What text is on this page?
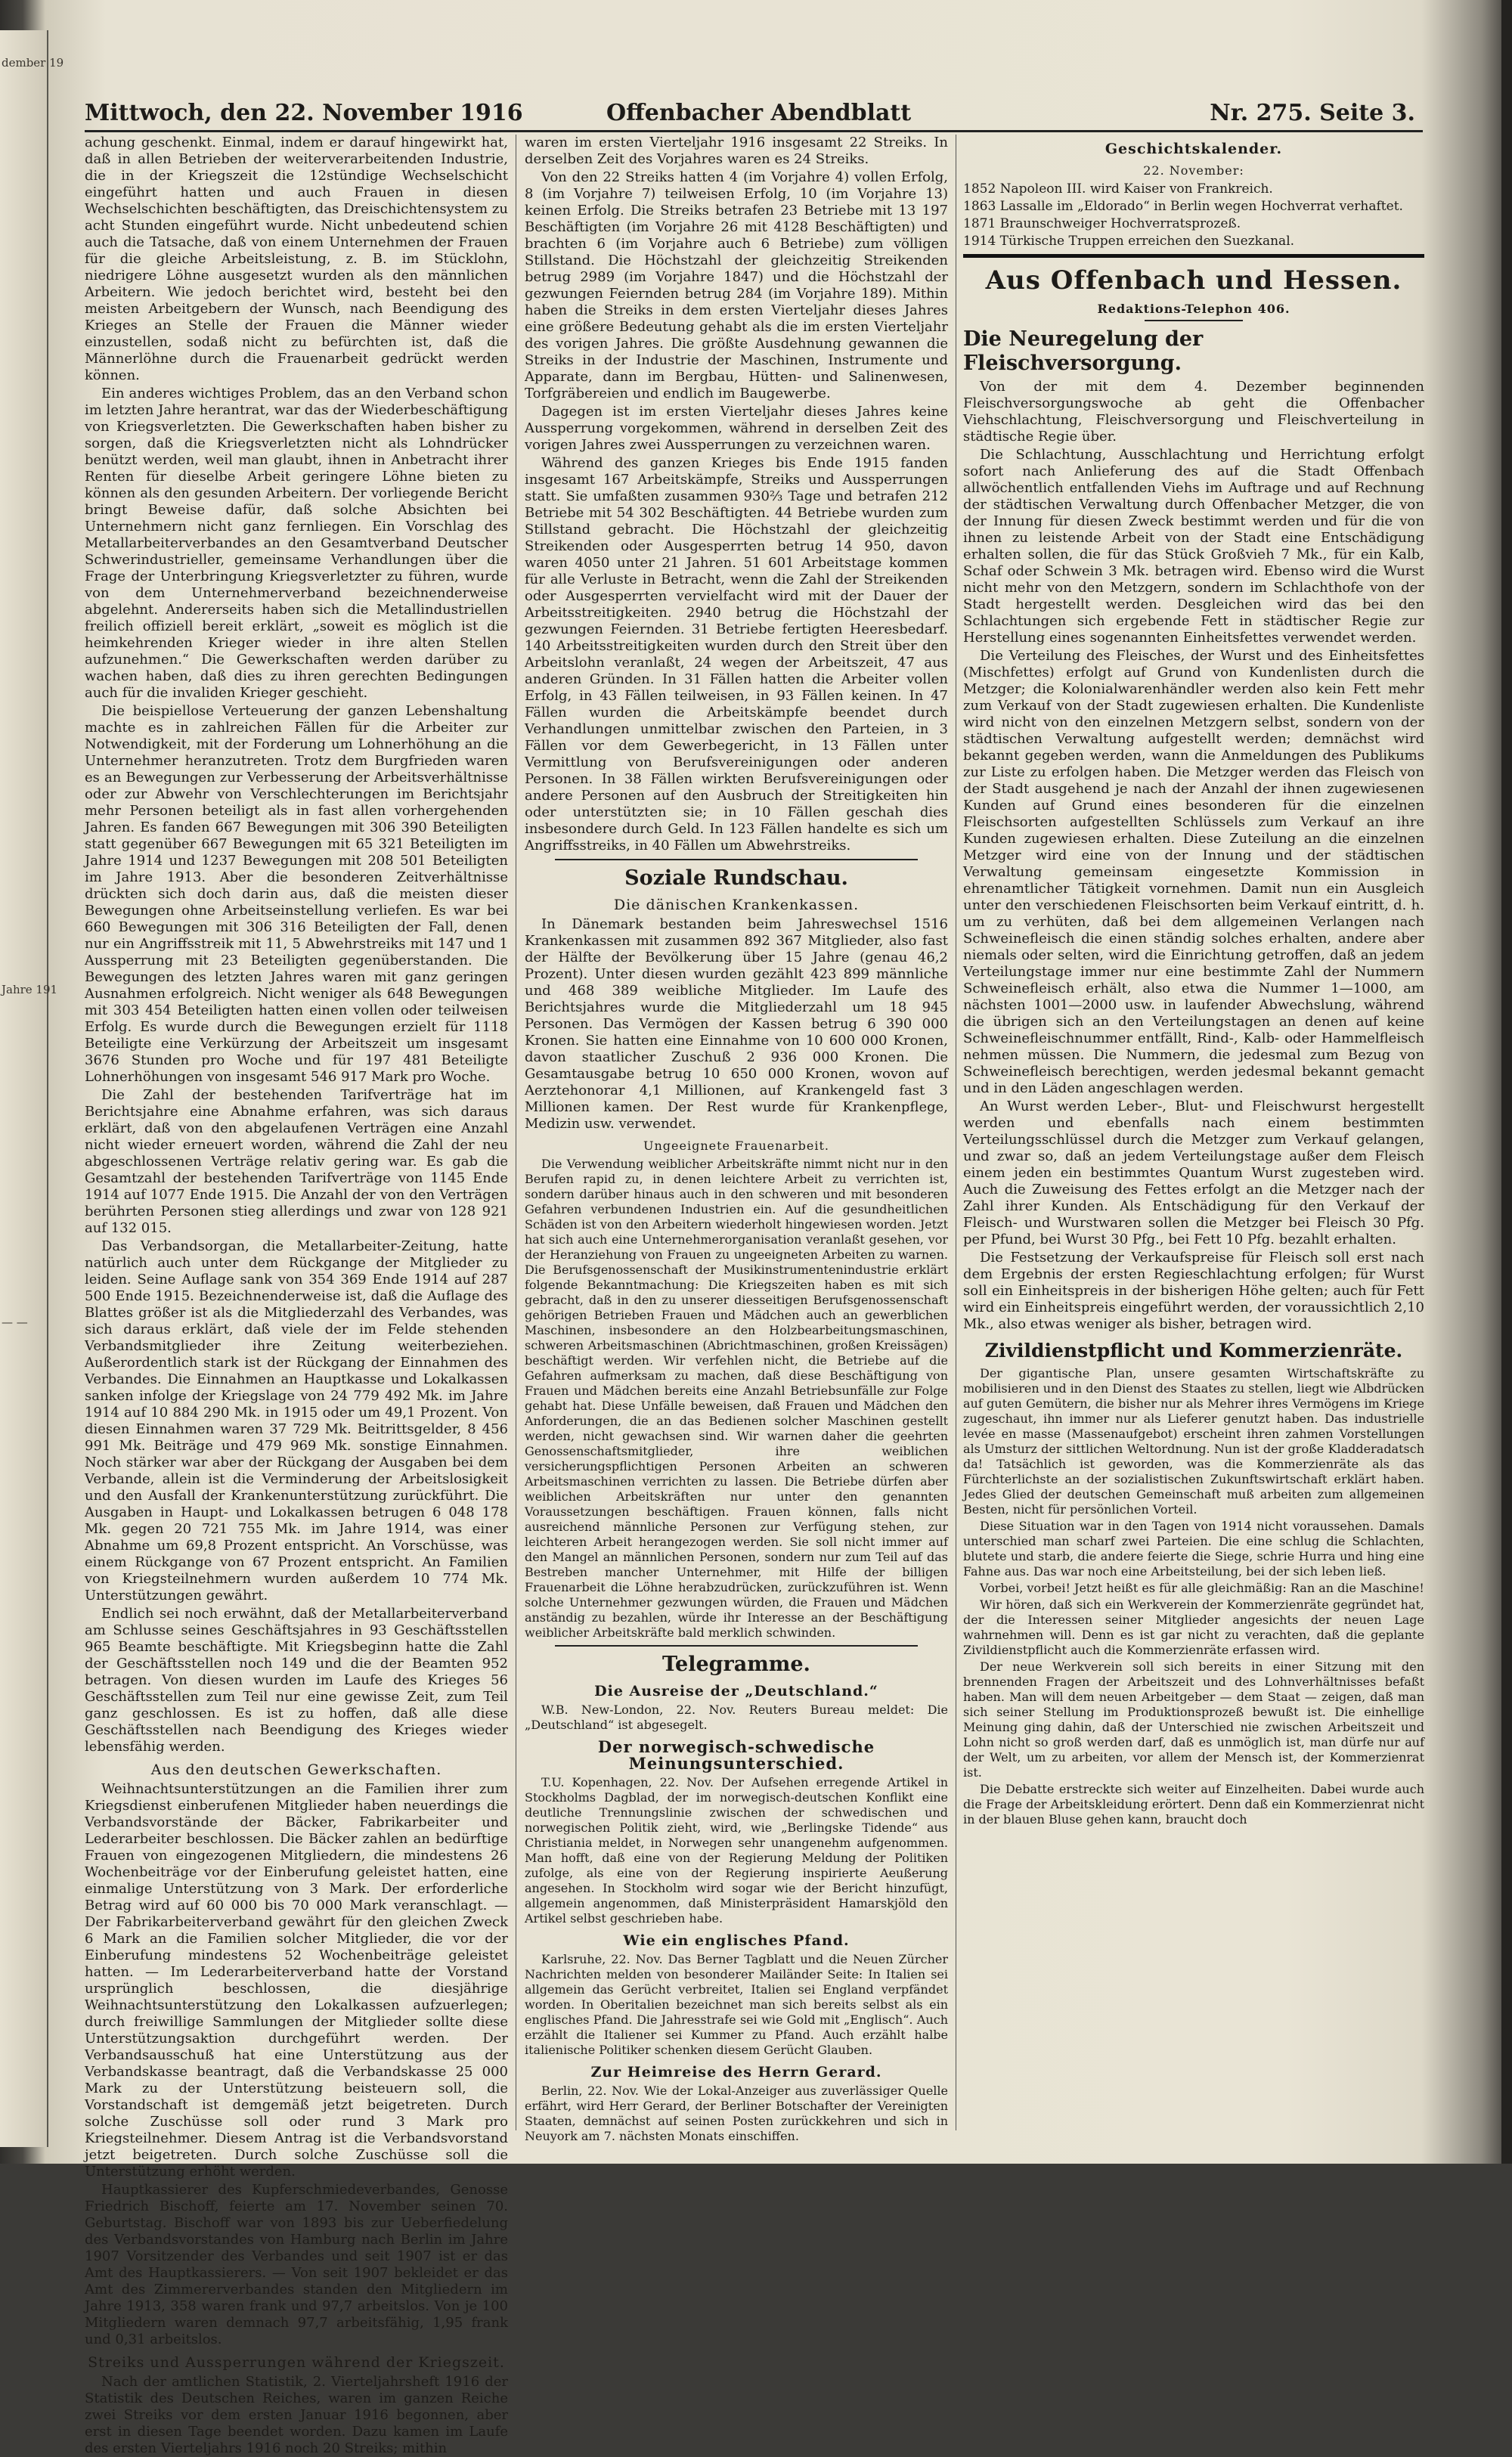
dember 19
Jahre 191
— —
Mittwoch, den 22. November 1916	Offenbacher Abendblatt	Nr. 275. Seite 3.

achung geschenkt. Einmal, indem er darauf hingewirkt hat, daß in allen Betrieben der weiterverarbeitenden Industrie, die in der Kriegszeit die 12stündige Wechselschicht eingeführt hatten und auch Frauen in diesen Wechselschichten beschäftigten, das Dreischichtensystem zu acht Stunden eingeführt wurde. Nicht unbedeutend schien auch die Tatsache, daß von einem Unternehmen der Frauen für die gleiche Arbeitsleistung, z. B. im Stücklohn, niedrigere Löhne ausgesetzt wurden als den männlichen Arbeitern. Wie jedoch berichtet wird, besteht bei den meisten Arbeitgebern der Wunsch, nach Beendigung des Krieges an Stelle der Frauen die Männer wieder einzustellen, sodaß nicht zu befürchten ist, daß die Männerlöhne durch die Frauenarbeit gedrückt werden können.

Ein anderes wichtiges Problem, das an den Verband schon im letzten Jahre herantrat, war das der Wiederbeschäftigung von Kriegsverletzten. Die Gewerkschaften haben bisher zu sorgen, daß die Kriegsverletzten nicht als Lohndrücker benützt werden, weil man glaubt, ihnen in Anbetracht ihrer Renten für dieselbe Arbeit geringere Löhne bieten zu können als den gesunden Arbeitern. Der vorliegende Bericht bringt Beweise dafür, daß solche Absichten bei Unternehmern nicht ganz fernliegen. Ein Vorschlag des Metallarbeiterverbandes an den Gesamtverband Deutscher Schwerindustrieller, gemeinsame Verhandlungen über die Frage der Unterbringung Kriegsverletzter zu führen, wurde von dem Unternehmerverband bezeichnenderweise abgelehnt. Andererseits haben sich die Metallindustriellen freilich offiziell bereit erklärt, „soweit es möglich ist die heimkehrenden Krieger wieder in ihre alten Stellen aufzunehmen.“ Die Gewerkschaften werden darüber zu wachen haben, daß dies zu ihren gerechten Bedingungen auch für die invaliden Krieger geschieht.

Die beispiellose Verteuerung der ganzen Lebenshaltung machte es in zahlreichen Fällen für die Arbeiter zur Notwendigkeit, mit der Forderung um Lohnerhöhung an die Unternehmer heranzutreten. Trotz dem Burgfrieden waren es an Bewegungen zur Verbesserung der Arbeitsverhältnisse oder zur Abwehr von Verschlechterungen im Berichtsjahr mehr Personen beteiligt als in fast allen vorhergehenden Jahren. Es fanden 667 Bewegungen mit 306 390 Beteiligten statt gegenüber 667 Bewegungen mit 65 321 Beteiligten im Jahre 1914 und 1237 Bewegungen mit 208 501 Beteiligten im Jahre 1913. Aber die besonderen Zeitverhältnisse drückten sich doch darin aus, daß die meisten dieser Bewegungen ohne Arbeitseinstellung verliefen. Es war bei 660 Bewegungen mit 306 316 Beteiligten der Fall, denen nur ein Angriffsstreik mit 11, 5 Abwehrstreiks mit 147 und 1 Aussperrung mit 23 Beteiligten gegenüberstanden. Die Bewegungen des letzten Jahres waren mit ganz geringen Ausnahmen erfolgreich. Nicht weniger als 648 Bewegungen mit 303 454 Beteiligten hatten einen vollen oder teilweisen Erfolg. Es wurde durch die Bewegungen erzielt für 1118 Beteiligte eine Verkürzung der Arbeitszeit um insgesamt 3676 Stunden pro Woche und für 197 481 Beteiligte Lohnerhöhungen von insgesamt 546 917 Mark pro Woche.

Die Zahl der bestehenden Tarifverträge hat im Berichtsjahre eine Abnahme erfahren, was sich daraus erklärt, daß von den abgelaufenen Verträgen eine Anzahl nicht wieder erneuert worden, während die Zahl der neu abgeschlossenen Verträge relativ gering war. Es gab die Gesamtzahl der bestehenden Tarifverträge von 1145 Ende 1914 auf 1077 Ende 1915. Die Anzahl der von den Verträgen berührten Personen stieg allerdings und zwar von 128 921 auf 132 015.

Das Verbandsorgan, die Metallarbeiter-Zeitung, hatte natürlich auch unter dem Rückgange der Mitglieder zu leiden. Seine Auflage sank von 354 369 Ende 1914 auf 287 500 Ende 1915. Bezeichnenderweise ist, daß die Auflage des Blattes größer ist als die Mitgliederzahl des Verbandes, was sich daraus erklärt, daß viele der im Felde stehenden Verbandsmitglieder ihre Zeitung weiterbeziehen. Außerordentlich stark ist der Rückgang der Einnahmen des Verbandes. Die Einnahmen an Hauptkasse und Lokalkassen sanken infolge der Kriegslage von 24 779 492 Mk. im Jahre 1914 auf 10 884 290 Mk. in 1915 oder um 49,1 Prozent. Von diesen Einnahmen waren 37 729 Mk. Beitrittsgelder, 8 456 991 Mk. Beiträge und 479 969 Mk. sonstige Einnahmen. Noch stärker war aber der Rückgang der Ausgaben bei dem Verbande, allein ist die Verminderung der Arbeitslosigkeit und den Ausfall der Krankenunterstützung zurückführt. Die Ausgaben in Haupt- und Lokalkassen betrugen 6 048 178 Mk. gegen 20 721 755 Mk. im Jahre 1914, was einer Abnahme um 69,8 Prozent entspricht. An Vorschüsse, was einem Rückgange von 67 Prozent entspricht. An Familien von Kriegsteilnehmern wurden außerdem 10 774 Mk. Unterstützungen gewährt.

Endlich sei noch erwähnt, daß der Metallarbeiterverband am Schlusse seines Geschäftsjahres in 93 Geschäftsstellen 965 Beamte beschäftigte. Mit Kriegsbeginn hatte die Zahl der Geschäftsstellen noch 149 und die der Beamten 952 betragen. Von diesen wurden im Laufe des Krieges 56 Geschäftsstellen zum Teil nur eine gewisse Zeit, zum Teil ganz geschlossen. Es ist zu hoffen, daß alle diese Geschäftsstellen nach Beendigung des Krieges wieder lebensfähig werden.

Aus den deutschen Gewerkschaften.

Weihnachtsunterstützungen an die Familien ihrer zum Kriegsdienst einberufenen Mitglieder haben neuerdings die Verbandsvorstände der Bäcker, Fabrikarbeiter und Lederarbeiter beschlossen. Die Bäcker zahlen an bedürftige Frauen von eingezogenen Mitgliedern, die mindestens 26 Wochenbeiträge vor der Einberufung geleistet hatten, eine einmalige Unterstützung von 3 Mark. Der erforderliche Betrag wird auf 60 000 bis 70 000 Mark veranschlagt. — Der Fabrikarbeiterverband gewährt für den gleichen Zweck 6 Mark an die Familien solcher Mitglieder, die vor der Einberufung mindestens 52 Wochenbeiträge geleistet hatten. — Im Lederarbeiterverband hatte der Vorstand ursprünglich beschlossen, die diesjährige Weihnachtsunterstützung den Lokalkassen aufzuerlegen; durch freiwillige Sammlungen der Mitglieder sollte diese Unterstützungsaktion durchgeführt werden. Der Verbandsausschuß hat eine Unterstützung aus der Verbandskasse beantragt, daß die Verbandskasse 25 000 Mark zu der Unterstützung beisteuern soll, die Vorstandschaft ist demgemäß jetzt beigetreten. Durch solche Zuschüsse soll oder rund 3 Mark pro Kriegsteilnehmer. Diesem Antrag ist die Verbandsvorstand jetzt beigetreten. Durch solche Zuschüsse soll die Unterstützung erhöht werden.

Hauptkassierer des Kupferschmiedeverbandes, Genosse Friedrich Bischoff, feierte am 17. November seinen 70. Geburtstag. Bischoff war von 1893 bis zur Ueberfiedelung des Verbandsvorstandes von Hamburg nach Berlin im Jahre 1907 Vorsitzender des Verbandes und seit 1907 ist er das Amt des Hauptkassierers. — Von seit 1907 bekleidet er das Amt des Zimmererverbandes standen den Mitgliedern im Jahre 1913, 358 waren frank und 97,7 arbeitslos. Von je 100 Mitgliedern waren demnach 97,7 arbeitsfähig, 1,95 frank und 0,31 arbeitslos.

Streiks und Aussperrungen während der Kriegszeit.

Nach der amtlichen Statistik, 2. Vierteljahrsheft 1916 der Statistik des Deutschen Reiches, waren im ganzen Reiche zwei Streiks vor dem ersten Januar 1916 begonnen, aber erst in diesen Tage beendet worden. Dazu kamen im Laufe des ersten Vierteljahrs 1916 noch 20 Streiks; mithin

waren im ersten Vierteljahr 1916 insgesamt 22 Streiks. In derselben Zeit des Vorjahres waren es 24 Streiks.

Von den 22 Streiks hatten 4 (im Vorjahre 4) vollen Erfolg, 8 (im Vorjahre 7) teilweisen Erfolg, 10 (im Vorjahre 13) keinen Erfolg. Die Streiks betrafen 23 Betriebe mit 13 197 Beschäftigten (im Vorjahre 26 mit 4128 Beschäftigten) und brachten 6 (im Vorjahre auch 6 Betriebe) zum völligen Stillstand. Die Höchstzahl der gleichzeitig Streikenden betrug 2989 (im Vorjahre 1847) und die Höchstzahl der gezwungen Feiernden betrug 284 (im Vorjahre 189). Mithin haben die Streiks in dem ersten Vierteljahr dieses Jahres eine größere Bedeutung gehabt als die im ersten Vierteljahr des vorigen Jahres. Die größte Ausdehnung gewannen die Streiks in der Industrie der Maschinen, Instrumente und Apparate, dann im Bergbau, Hütten- und Salinenwesen, Torfgräbereien und endlich im Baugewerbe.

Dagegen ist im ersten Vierteljahr dieses Jahres keine Aussperrung vorgekommen, während in derselben Zeit des vorigen Jahres zwei Aussperrungen zu verzeichnen waren.

Während des ganzen Krieges bis Ende 1915 fanden insgesamt 167 Arbeitskämpfe, Streiks und Aussperrungen statt. Sie umfaßten zusammen 930⅔ Tage und betrafen 212 Betriebe mit 54 302 Beschäftigten. 44 Betriebe wurden zum Stillstand gebracht. Die Höchstzahl der gleichzeitig Streikenden oder Ausgesperrten betrug 14 950, davon waren 4050 unter 21 Jahren. 51 601 Arbeitstage kommen für alle Verluste in Betracht, wenn die Zahl der Streikenden oder Ausgesperrten vervielfacht wird mit der Dauer der Arbeitsstreitigkeiten. 2940 betrug die Höchstzahl der gezwungen Feiernden. 31 Betriebe fertigten Heeresbedarf. 140 Arbeitsstreitigkeiten wurden durch den Streit über den Arbeitslohn veranlaßt, 24 wegen der Arbeitszeit, 47 aus anderen Gründen. In 31 Fällen hatten die Arbeiter vollen Erfolg, in 43 Fällen teilweisen, in 93 Fällen keinen. In 47 Fällen wurden die Arbeitskämpfe beendet durch Verhandlungen unmittelbar zwischen den Parteien, in 3 Fällen vor dem Gewerbegericht, in 13 Fällen unter Vermittlung von Berufsvereinigungen oder anderen Personen. In 38 Fällen wirkten Berufsvereinigungen oder andere Personen auf den Ausbruch der Streitigkeiten hin oder unterstützten sie; in 10 Fällen geschah dies insbesondere durch Geld. In 123 Fällen handelte es sich um Angriffsstreiks, in 40 Fällen um Abwehrstreiks.

Soziale Rundschau.
Die dänischen Krankenkassen.

In Dänemark bestanden beim Jahreswechsel 1516 Krankenkassen mit zusammen 892 367 Mitglieder, also fast der Hälfte der Bevölkerung über 15 Jahre (genau 46,2 Prozent). Unter diesen wurden gezählt 423 899 männliche und 468 389 weibliche Mitglieder. Im Laufe des Berichtsjahres wurde die Mitgliederzahl um 18 945 Personen. Das Vermögen der Kassen betrug 6 390 000 Kronen. Sie hatten eine Einnahme von 10 600 000 Kronen, davon staatlicher Zuschuß 2 936 000 Kronen. Die Gesamtausgabe betrug 10 650 000 Kronen, wovon auf Aerztehonorar 4,1 Millionen, auf Krankengeld fast 3 Millionen kamen. Der Rest wurde für Krankenpflege, Medizin usw. verwendet.

Ungeeignete Frauenarbeit.

Die Verwendung weiblicher Arbeitskräfte nimmt nicht nur in den Berufen rapid zu, in denen leichtere Arbeit zu verrichten ist, sondern darüber hinaus auch in den schweren und mit besonderen Gefahren verbundenen Industrien ein. Auf die gesundheitlichen Schäden ist von den Arbeitern wiederholt hingewiesen worden. Jetzt hat sich auch eine Unternehmerorganisation veranlaßt gesehen, vor der Heranziehung von Frauen zu ungeeigneten Arbeiten zu warnen. Die Berufsgenossenschaft der Musikinstrumentenindustrie erklärt folgende Bekanntmachung: Die Kriegszeiten haben es mit sich gebracht, daß in den zu unserer diesseitigen Berufsgenossenschaft gehörigen Betrieben Frauen und Mädchen auch an gewerblichen Maschinen, insbesondere an den Holzbearbeitungsmaschinen, schweren Arbeitsmaschinen (Abrichtmaschinen, großen Kreissägen) beschäftigt werden. Wir verfehlen nicht, die Betriebe auf die Gefahren aufmerksam zu machen, daß diese Beschäftigung von Frauen und Mädchen bereits eine Anzahl Betriebsunfälle zur Folge gehabt hat. Diese Unfälle beweisen, daß Frauen und Mädchen den Anforderungen, die an das Bedienen solcher Maschinen gestellt werden, nicht gewachsen sind. Wir warnen daher die geehrten Genossenschaftsmitglieder, ihre weiblichen versicherungspflichtigen Personen Arbeiten an schweren Arbeitsmaschinen verrichten zu lassen. Die Betriebe dürfen aber weiblichen Arbeitskräften nur unter den genannten Voraussetzungen beschäftigen. Frauen können, falls nicht ausreichend männliche Personen zur Verfügung stehen, zur leichteren Arbeit herangezogen werden. Sie soll nicht immer auf den Mangel an männlichen Personen, sondern nur zum Teil auf das Bestreben mancher Unternehmer, mit Hilfe der billigen Frauenarbeit die Löhne herabzudrücken, zurückzuführen ist. Wenn solche Unternehmer gezwungen würden, die Frauen und Mädchen anständig zu bezahlen, würde ihr Interesse an der Beschäftigung weiblicher Arbeitskräfte bald merklich schwinden.

Telegramme.
Die Ausreise der „Deutschland.“

W.B. New-London, 22. Nov. Reuters Bureau meldet: Die „Deutschland“ ist abgesegelt.

Der norwegisch-schwedische Meinungsunterschied.

T.U. Kopenhagen, 22. Nov. Der Aufsehen erregende Artikel in Stockholms Dagblad, der im norwegisch-deutschen Konflikt eine deutliche Trennungslinie zwischen der schwedischen und norwegischen Politik zieht, wird, wie „Berlingske Tidende“ aus Christiania meldet, in Norwegen sehr unangenehm aufgenommen. Man hofft, daß eine von der Regierung Meldung der Politiken zufolge, als eine von der Regierung inspirierte Aeußerung angesehen. In Stockholm wird sogar wie der Bericht hinzufügt, allgemein angenommen, daß Ministerpräsident Hamarskjöld den Artikel selbst geschrieben habe.

Wie ein englisches Pfand.

Karlsruhe, 22. Nov. Das Berner Tagblatt und die Neuen Zürcher Nachrichten melden von besonderer Mailänder Seite: In Italien sei allgemein das Gerücht verbreitet, Italien sei England verpfändet worden. In Oberitalien bezeichnet man sich bereits selbst als ein englisches Pfand. Die Jahresstrafe sei wie Gold mit „Englisch“. Auch erzählt die Italiener sei Kummer zu Pfand. Auch erzählt halbe italienische Politiker schenken diesem Gerücht Glauben.

Zur Heimreise des Herrn Gerard.

Berlin, 22. Nov. Wie der Lokal-Anzeiger aus zuverlässiger Quelle erfährt, wird Herr Gerard, der Berliner Botschafter der Vereinigten Staaten, demnächst auf seinen Posten zurückkehren und sich in Neuyork am 7. nächsten Monats einschiffen.

Geschichtskalender.
22. November:

1852 Napoleon III. wird Kaiser von Frankreich.

1863 Lassalle im „Eldorado“ in Berlin wegen Hochverrat verhaftet.

1871 Braunschweiger Hochverratsprozeß.

1914 Türkische Truppen erreichen den Suezkanal.

Aus Offenbach und Hessen.
Redaktions-Telephon 406.
Die Neuregelung der Fleischversorgung.

Von der mit dem 4. Dezember beginnenden Fleischversorgungswoche ab geht die Offenbacher Viehschlachtung, Fleischversorgung und Fleischverteilung in städtische Regie über.

Die Schlachtung, Ausschlachtung und Herrichtung erfolgt sofort nach Anlieferung des auf die Stadt Offenbach allwöchentlich entfallenden Viehs im Auftrage und auf Rechnung der städtischen Verwaltung durch Offenbacher Metzger, die von der Innung für diesen Zweck bestimmt werden und für die von ihnen zu leistende Arbeit von der Stadt eine Entschädigung erhalten sollen, die für das Stück Großvieh 7 Mk., für ein Kalb, Schaf oder Schwein 3 Mk. betragen wird. Ebenso wird die Wurst nicht mehr von den Metzgern, sondern im Schlachthofe von der Stadt hergestellt werden. Desgleichen wird das bei den Schlachtungen sich ergebende Fett in städtischer Regie zur Herstellung eines sogenannten Einheitsfettes verwendet werden.

Die Verteilung des Fleisches, der Wurst und des Einheitsfettes (Mischfettes) erfolgt auf Grund von Kundenlisten durch die Metzger; die Kolonialwarenhändler werden also kein Fett mehr zum Verkauf von der Stadt zugewiesen erhalten. Die Kundenliste wird nicht von den einzelnen Metzgern selbst, sondern von der städtischen Verwaltung aufgestellt werden; demnächst wird bekannt gegeben werden, wann die Anmeldungen des Publikums zur Liste zu erfolgen haben. Die Metzger werden das Fleisch von der Stadt ausgehend je nach der Anzahl der ihnen zugewiesenen Kunden auf Grund eines besonderen für die einzelnen Fleischsorten aufgestellten Schlüssels zum Verkauf an ihre Kunden zugewiesen erhalten. Diese Zuteilung an die einzelnen Metzger wird eine von der Innung und der städtischen Verwaltung gemeinsam eingesetzte Kommission in ehrenamtlicher Tätigkeit vornehmen. Damit nun ein Ausgleich unter den verschiedenen Fleischsorten beim Verkauf eintritt, d. h. um zu verhüten, daß bei dem allgemeinen Verlangen nach Schweinefleisch die einen ständig solches erhalten, andere aber niemals oder selten, wird die Einrichtung getroffen, daß an jedem Verteilungstage immer nur eine bestimmte Zahl der Nummern Schweinefleisch erhält, also etwa die Nummer 1—1000, am nächsten 1001—2000 usw. in laufender Abwechslung, während die übrigen sich an den Verteilungstagen an denen auf keine Schweinefleischnummer entfällt, Rind-, Kalb- oder Hammelfleisch nehmen müssen. Die Nummern, die jedesmal zum Bezug von Schweinefleisch berechtigen, werden jedesmal bekannt gemacht und in den Läden angeschlagen werden.

An Wurst werden Leber-, Blut- und Fleischwurst hergestellt werden und ebenfalls nach einem bestimmten Verteilungsschlüssel durch die Metzger zum Verkauf gelangen, und zwar so, daß an jedem Verteilungstage außer dem Fleisch einem jeden ein bestimmtes Quantum Wurst zugesteben wird. Auch die Zuweisung des Fettes erfolgt an die Metzger nach der Zahl ihrer Kunden. Als Entschädigung für den Verkauf der Fleisch- und Wurstwaren sollen die Metzger bei Fleisch 30 Pfg. per Pfund, bei Wurst 30 Pfg., bei Fett 10 Pfg. bezahlt erhalten.

Die Festsetzung der Verkaufspreise für Fleisch soll erst nach dem Ergebnis der ersten Regieschlachtung erfolgen; für Wurst soll ein Einheitspreis in der bisherigen Höhe gelten; auch für Fett wird ein Einheitspreis eingeführt werden, der voraussichtlich 2,10 Mk., also etwas weniger als bisher, betragen wird.

Zivildienstpflicht und Kommerzienräte.

Der gigantische Plan, unsere gesamten Wirtschaftskräfte zu mobilisieren und in den Dienst des Staates zu stellen, liegt wie Albdrücken auf guten Gemütern, die bisher nur als Mehrer ihres Vermögens im Kriege zugeschaut, ihn immer nur als Lieferer genutzt haben. Das industrielle levée en masse (Massenaufgebot) erscheint ihren zahmen Vorstellungen als Umsturz der sittlichen Weltordnung. Nun ist der große Kladderadatsch da! Tatsächlich ist geworden, was die Kommerzienräte als das Fürchterlichste an der sozialistischen Zukunftswirtschaft erklärt haben. Jedes Glied der deutschen Gemeinschaft muß arbeiten zum allgemeinen Besten, nicht für persönlichen Vorteil.

Diese Situation war in den Tagen von 1914 nicht voraussehen. Damals unterschied man scharf zwei Parteien. Die eine schlug die Schlachten, blutete und starb, die andere feierte die Siege, schrie Hurra und hing eine Fahne aus. Das war noch eine Arbeitsteilung, bei der sich leben ließ.

Vorbei, vorbei! Jetzt heißt es für alle gleichmäßig: Ran an die Maschine!

Wir hören, daß sich ein Werkverein der Kommerzienräte gegründet hat, der die Interessen seiner Mitglieder angesichts der neuen Lage wahrnehmen will. Denn es ist gar nicht zu verachten, daß die geplante Zivildienstpflicht auch die Kommerzienräte erfassen wird.

Der neue Werkverein soll sich bereits in einer Sitzung mit den brennenden Fragen der Arbeitszeit und des Lohnverhältnisses befaßt haben. Man will dem neuen Arbeitgeber — dem Staat — zeigen, daß man sich seiner Stellung im Produktionsprozeß bewußt ist. Die einhellige Meinung ging dahin, daß der Unterschied nie zwischen Arbeitszeit und Lohn nicht so groß werden darf, daß es unmöglich ist, man dürfe nur auf der Welt, um zu arbeiten, vor allem der Mensch ist, der Kommerzienrat ist.

Die Debatte erstreckte sich weiter auf Einzelheiten. Dabei wurde auch die Frage der Arbeitskleidung erörtert. Denn daß ein Kommerzienrat nicht in der blauen Bluse gehen kann, braucht doch
